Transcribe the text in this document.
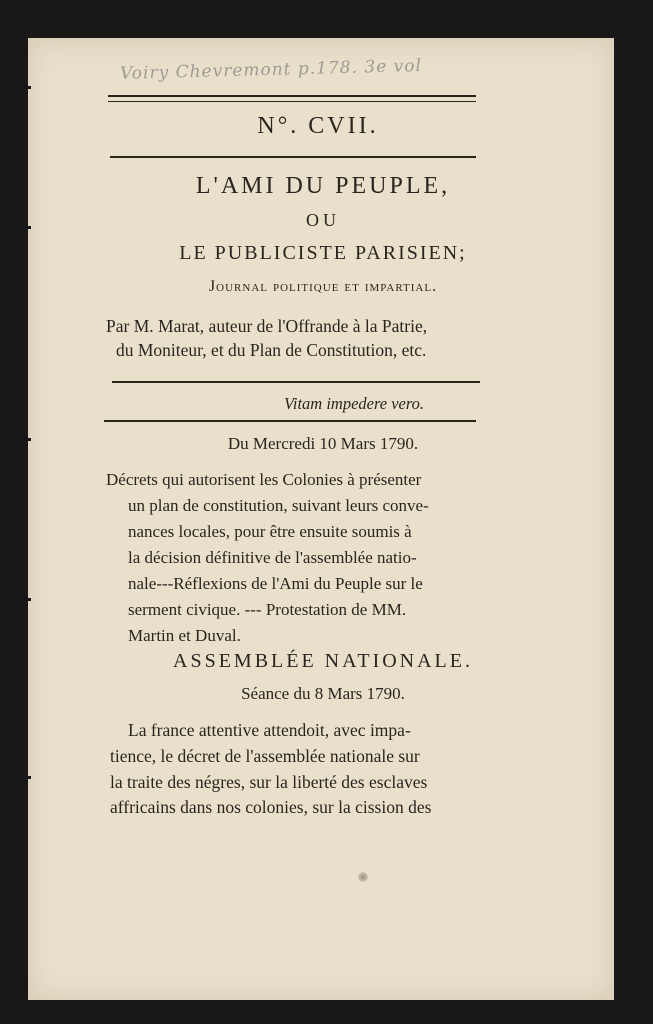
Voiry Chevremont p.178. 3e vol
N°. CVII.
L'AMI DU PEUPLE,
OU
LE PUBLICISTE PARISIEN;
Journal politique et impartial.
Par M. Marat, auteur de l'Offrande à la Patrie,
du Moniteur, et du Plan de Constitution, etc.
Vitam impedere vero.
Du Mercredi 10 Mars 1790.
Décrets qui autorisent les Colonies à présenter
un plan de constitution, suivant leurs conve-
nances locales, pour être ensuite soumis à
la décision définitive de l'assemblée natio-
nale---Réflexions de l'Ami du Peuple sur le
serment civique. --- Protestation de MM.
Martin et Duval.
ASSEMBLÉE NATIONALE.
Séance du 8 Mars 1790.
La france attentive attendoit, avec impa-
tience, le décret de l'assemblée nationale sur
la traite des négres, sur la liberté des esclaves
affricains dans nos colonies, sur la cission des
